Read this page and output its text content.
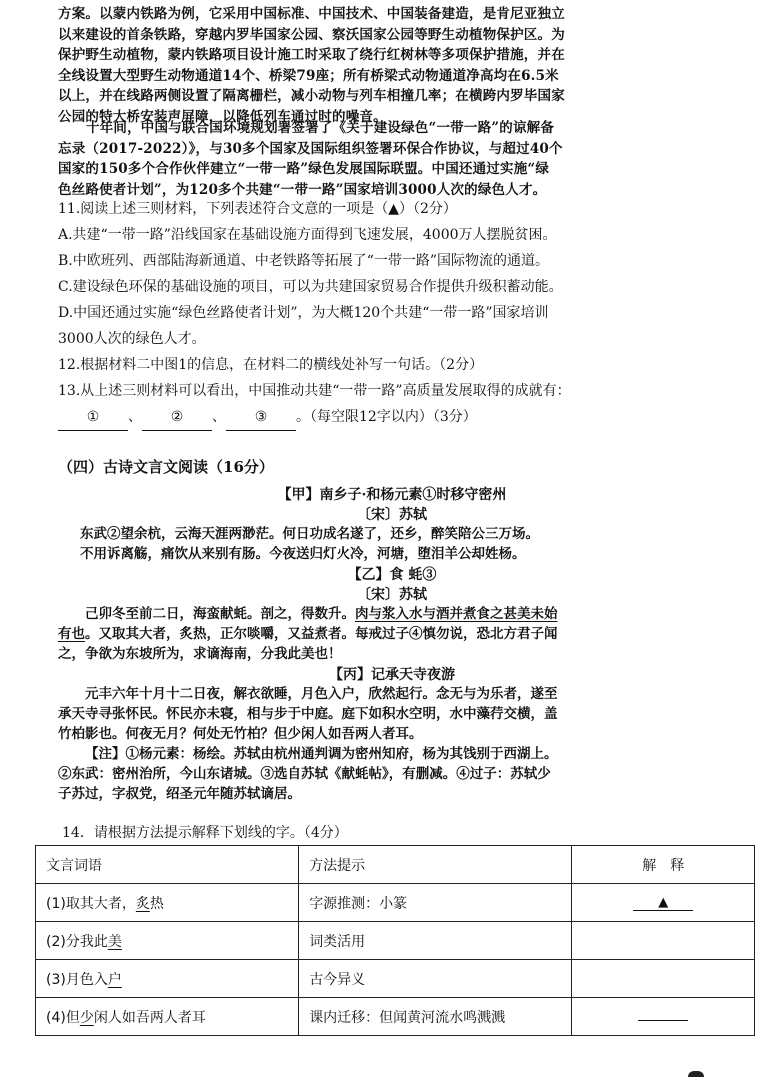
方案。以蒙内铁路为例，它采用中国标准、中国技术、中国装备建造，是肯尼亚独立

以来建设的首条铁路，穿越内罗毕国家公园、察沃国家公园等野生动植物保护区。为

保护野生动植物，蒙内铁路项目设计施工时采取了绕行红树林等多项保护措施，并在

全线设置大型野生动物通道14个、桥梁79座；所有桥梁式动物通道净高均在6.5米

以上，并在线路两侧设置了隔离栅栏，减小动物与列车相撞几率；在横跨内罗毕国家

公园的特大桥安装声屏障，以降低列车通过时的噪音。

十年间，中国与联合国环境规划署签署了《关于建设绿色“一带一路”的谅解备

忘录（2017-2022）》，与30多个国家及国际组织签署环保合作协议，与超过40个

国家的150多个合作伙伴建立“一带一路”绿色发展国际联盟。中国还通过实施“绿

色丝路使者计划”，为120多个共建“一带一路”国家培训3000人次的绿色人才。

11.阅读上述三则材料，下列表述符合文意的一项是（▲）（2分）

A.共建“一带一路”沿线国家在基础设施方面得到飞速发展，4000万人摆脱贫困。

B.中欧班列、西部陆海新通道、中老铁路等拓展了“一带一路”国际物流的通道。

C.建设绿色环保的基础设施的项目，可以为共建国家贸易合作提供升级积蓄动能。

D.中国还通过实施“绿色丝路使者计划”，为大概120个共建“一带一路”国家培训

3000人次的绿色人才。

12.根据材料二中图1的信息，在材料二的横线处补写一句话。（2分）

13.从上述三则材料可以看出，中国推动共建“一带一路”高质量发展取得的成就有：

① 、 ② 、 ③ 。（每空限12字以内）（3分）

（四）古诗文言文阅读（16分）
【甲】南乡子·和杨元素①时移守密州
〔宋〕苏轼

东武②望余杭，云海天涯两渺茫。何日功成名遂了，还乡，醉笑陪公三万场。

不用诉离觞，痛饮从来别有肠。今夜送归灯火冷，河塘，堕泪羊公却姓杨。

【乙】食 蚝③
〔宋〕苏轼

己卯冬至前二日，海蛮献蚝。剖之，得数升。肉与浆入水与酒并煮食之甚美未始

有也。又取其大者，炙热，正尔啖嚼，又益煮者。每戒过子④慎勿说，恐北方君子闻

之，争欲为东坡所为，求谪海南，分我此美也！

【丙】记承天寺夜游

元丰六年十月十二日夜，解衣欲睡，月色入户，欣然起行。念无与为乐者，遂至

承天寺寻张怀民。怀民亦未寝，相与步于中庭。庭下如积水空明，水中藻荇交横，盖

竹柏影也。何夜无月？何处无竹柏？但少闲人如吾两人者耳。

【注】①杨元素：杨绘。苏轼由杭州通判调为密州知府，杨为其饯别于西湖上。

②东武：密州治所，今山东诸城。③选自苏轼《献蚝帖》，有删减。④过子：苏轼少

子苏过，字叔党，绍圣元年随苏轼谪居。

14．请根据方法提示解释下划线的字。（4分）
文言词语	方法提示	解　释
(1)取其大者，炙热	字源推测：小篆	▲
(2)分我此美	词类活用	
(3)月色入户	古今异义	
(4)但少闲人如吾两人者耳	课内迁移：但闻黄河流水鸣溅溅	
